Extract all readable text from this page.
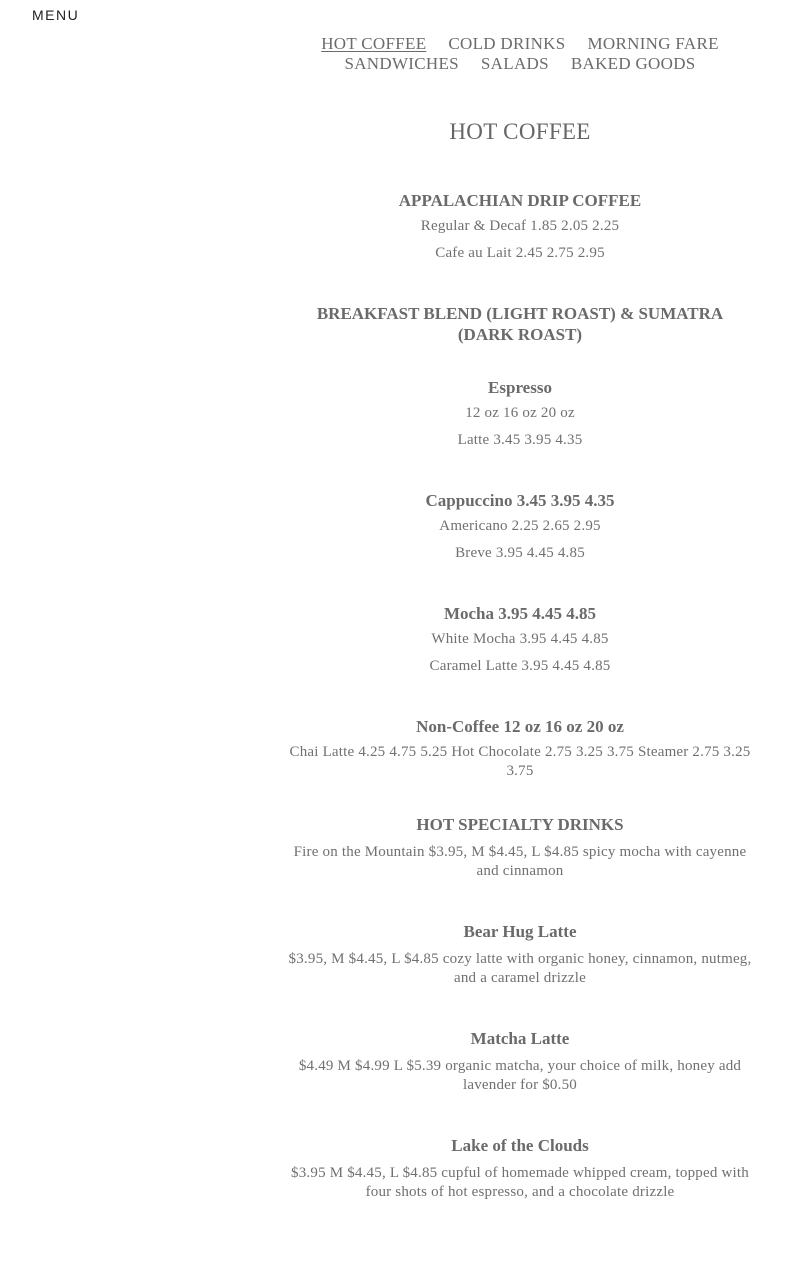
MENU
HOT COFFEE COLD DRINKS MORNING FARE
SANDWICHES SALADS BAKED GOODS
HOT COFFEE

APPALACHIAN DRIP COFFEE

Regular & Decaf 1.85 2.05 2.25

Cafe au Lait 2.45 2.75 2.95

BREAKFAST BLEND (LIGHT ROAST) & SUMATRA (DARK ROAST)

Espresso

12 oz 16 oz 20 oz

Latte 3.45 3.95 4.35

Cappuccino 3.45 3.95 4.35

Americano 2.25 2.65 2.95

Breve 3.95 4.45 4.85

Mocha 3.95 4.45 4.85

White Mocha 3.95 4.45 4.85

Caramel Latte 3.95 4.45 4.85

Non-Coffee 12 oz 16 oz 20 oz

Chai Latte 4.25 4.75 5.25 Hot Chocolate 2.75 3.25 3.75 Steamer 2.75 3.25 3.75

HOT SPECIALTY DRINKS

Fire on the Mountain $3.95, M $4.45, L $4.85 spicy mocha with cayenne and cinnamon

Bear Hug Latte

$3.95, M $4.45, L $4.85 cozy latte with organic honey, cinnamon, nutmeg, and a caramel drizzle

Matcha Latte

$4.49 M $4.99 L $5.39 organic matcha, your choice of milk, honey add lavender for $0.50

Lake of the Clouds

$3.95 M $4.45, L $4.85 cupful of homemade whipped cream, topped with four shots of hot espresso, and a chocolate drizzle
